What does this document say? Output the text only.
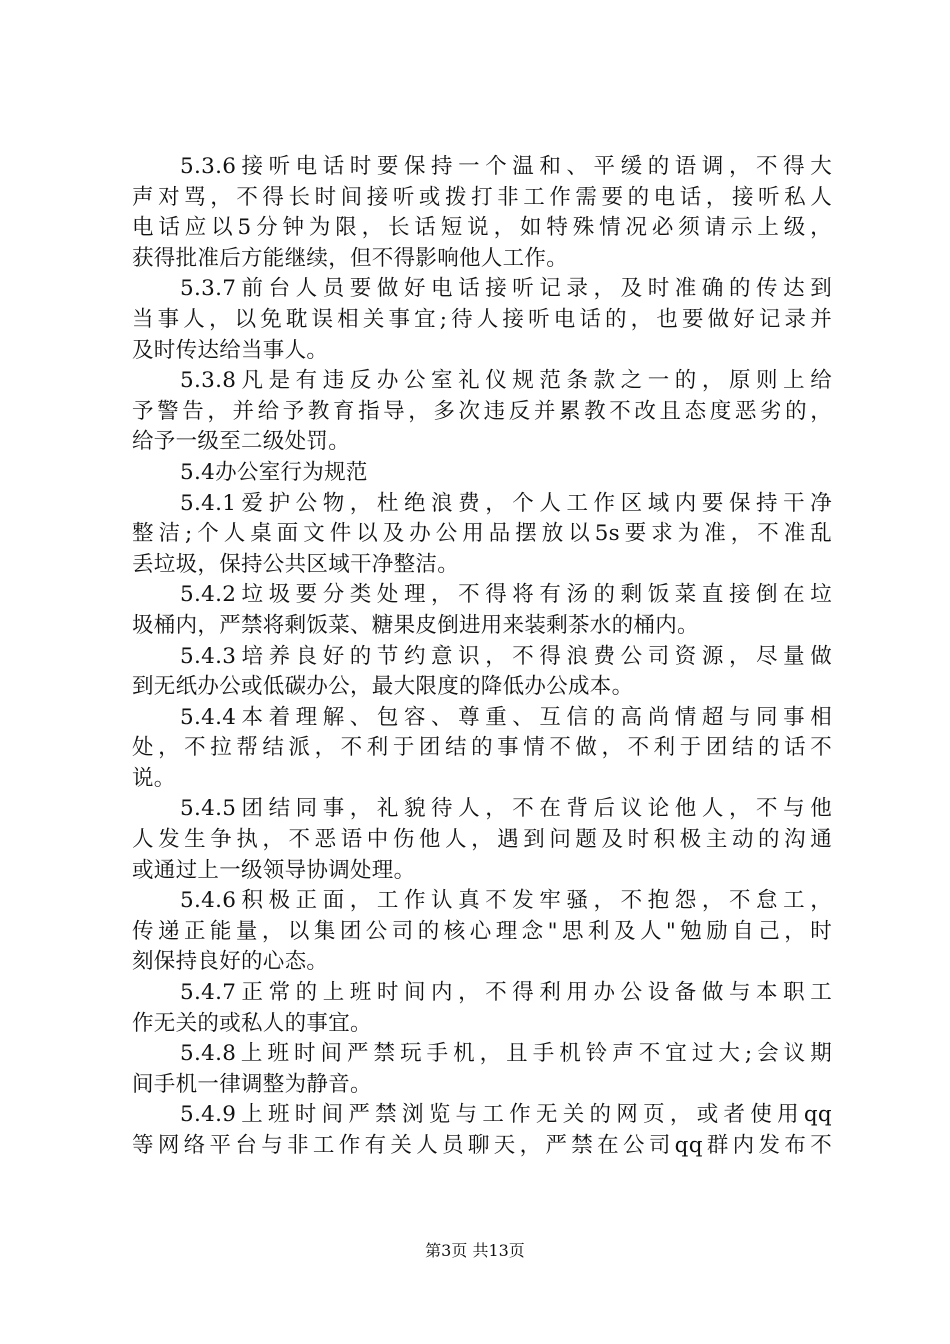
5.3.6接听电话时要保持一个温和、平缓的语调，不得大
声对骂，不得长时间接听或拨打非工作需要的电话，接听私人
电话应以5分钟为限，长话短说，如特殊情况必须请示上级，
获得批准后方能继续，但不得影响他人工作。
5.3.7前台人员要做好电话接听记录，及时准确的传达到
当事人，以免耽误相关事宜;待人接听电话的，也要做好记录并
及时传达给当事人。
5.3.8凡是有违反办公室礼仪规范条款之一的，原则上给
予警告，并给予教育指导，多次违反并累教不改且态度恶劣的，
给予一级至二级处罚。
5.4办公室行为规范
5.4.1爱护公物，杜绝浪费，个人工作区域内要保持干净
整洁;个人桌面文件以及办公用品摆放以5s要求为准，不准乱
丢垃圾，保持公共区域干净整洁。
5.4.2垃圾要分类处理，不得将有汤的剩饭菜直接倒在垃
圾桶内，严禁将剩饭菜、糖果皮倒进用来装剩茶水的桶内。
5.4.3培养良好的节约意识，不得浪费公司资源，尽量做
到无纸办公或低碳办公，最大限度的降低办公成本。
5.4.4本着理解、包容、尊重、互信的高尚情超与同事相
处，不拉帮结派，不利于团结的事情不做，不利于团结的话不
说。
5.4.5团结同事，礼貌待人，不在背后议论他人，不与他
人发生争执，不恶语中伤他人，遇到问题及时积极主动的沟通
或通过上一级领导协调处理。
5.4.6积极正面，工作认真不发牢骚，不抱怨，不怠工，
传递正能量，以集团公司的核心理念"思利及人"勉励自己，时
刻保持良好的心态。
5.4.7正常的上班时间内，不得利用办公设备做与本职工
作无关的或私人的事宜。
5.4.8上班时间严禁玩手机，且手机铃声不宜过大;会议期
间手机一律调整为静音。
5.4.9上班时间严禁浏览与工作无关的网页，或者使用qq
等网络平台与非工作有关人员聊天，严禁在公司qq群内发布不
第3页 共13页
